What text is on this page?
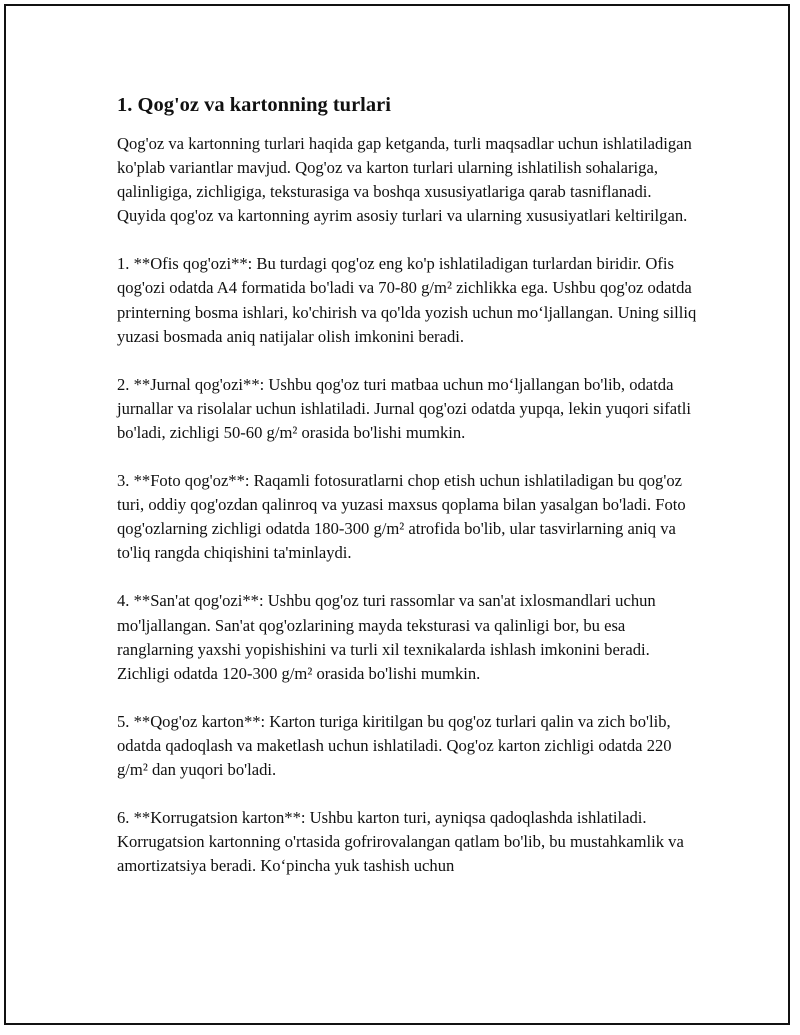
1. Qog'oz va kartonning turlari

Qog'oz va kartonning turlari haqida gap ketganda, turli maqsadlar uchun ishlatiladigan ko'plab variantlar mavjud. Qog'oz va karton turlari ularning ishlatilish sohalariga, qalinligiga, zichligiga, teksturasiga va boshqa xususiyatlariga qarab tasniflanadi. Quyida qog'oz va kartonning ayrim asosiy turlari va ularning xususiyatlari keltirilgan.

1. **Ofis qog'ozi**: Bu turdagi qog'oz eng ko'p ishlatiladigan turlardan biridir. Ofis qog'ozi odatda A4 formatida bo'ladi va 70-80 g/m² zichlikka ega. Ushbu qog'oz odatda printerning bosma ishlari, ko'chirish va qo'lda yozish uchun mo‘ljallangan. Uning silliq yuzasi bosmada aniq natijalar olish imkonini beradi.

2. **Jurnal qog'ozi**: Ushbu qog'oz turi matbaa uchun mo‘ljallangan bo'lib, odatda jurnallar va risolalar uchun ishlatiladi. Jurnal qog'ozi odatda yupqa, lekin yuqori sifatli bo'ladi, zichligi 50-60 g/m² orasida bo'lishi mumkin.

3. **Foto qog'oz**: Raqamli fotosuratlarni chop etish uchun ishlatiladigan bu qog'oz turi, oddiy qog'ozdan qalinroq va yuzasi maxsus qoplama bilan yasalgan bo'ladi. Foto qog'ozlarning zichligi odatda 180-300 g/m² atrofida bo'lib, ular tasvirlarning aniq va to'liq rangda chiqishini ta'minlaydi.

4. **San'at qog'ozi**: Ushbu qog'oz turi rassomlar va san'at ixlosmandlari uchun mo'ljallangan. San'at qog'ozlarining mayda teksturasi va qalinligi bor, bu esa ranglarning yaxshi yopishishini va turli xil texnikalarda ishlash imkonini beradi. Zichligi odatda 120-300 g/m² orasida bo'lishi mumkin.

5. **Qog'oz karton**: Karton turiga kiritilgan bu qog'oz turlari qalin va zich bo'lib, odatda qadoqlash va maketlash uchun ishlatiladi. Qog'oz karton zichligi odatda 220 g/m² dan yuqori bo'ladi.

6. **Korrugatsion karton**: Ushbu karton turi, ayniqsa qadoqlashda ishlatiladi. Korrugatsion kartonning o'rtasida gofrirovalangan qatlam bo'lib, bu mustahkamlik va amortizatsiya beradi. Ko‘pincha yuk tashish uchun
